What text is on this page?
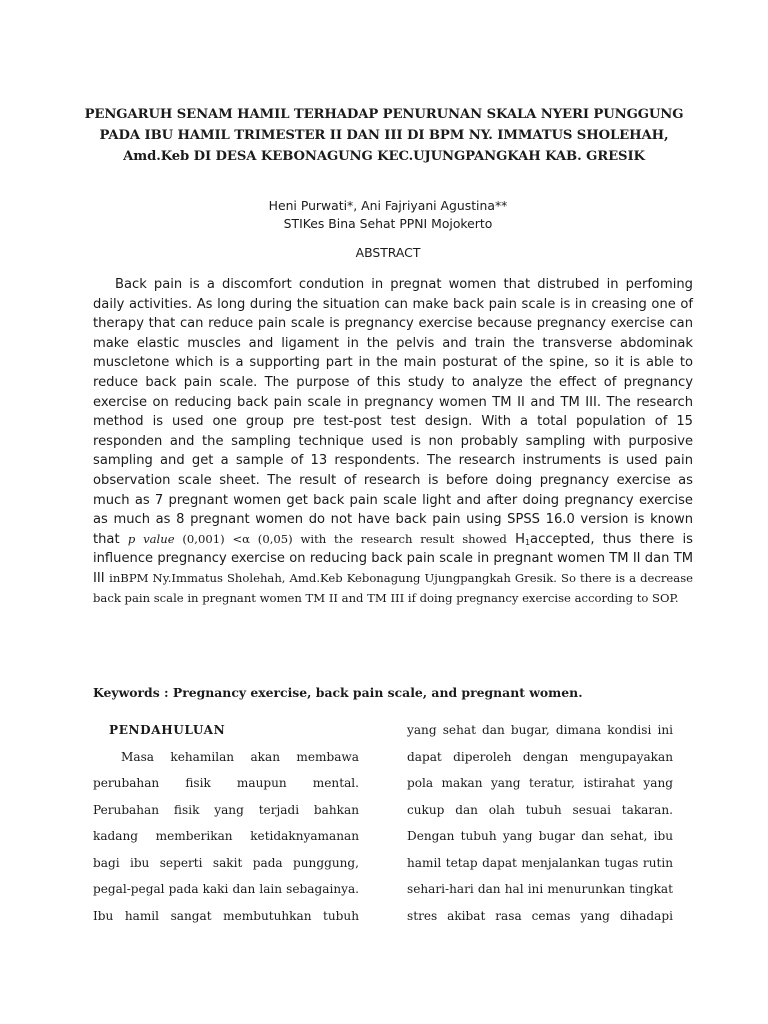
PENGARUH SENAM HAMIL TERHADAP PENURUNAN SKALA NYERI PUNGGUNG
PADA IBU HAMIL TRIMESTER II DAN III DI BPM NY. IMMATUS SHOLEHAH,
Amd.Keb DI DESA KEBONAGUNG KEC.UJUNGPANGKAH KAB. GRESIK

Heni Purwati*, Ani Fajriyani Agustina**

STIKes Bina Sehat PPNI Mojokerto

ABSTRACT

Back pain is a discomfort condution in pregnat women that distrubed in perfoming daily activities. As long during the situation can make back pain scale is in creasing one of therapy that can reduce pain scale is pregnancy exercise because pregnancy exercise can make elastic muscles and ligament in the pelvis and train the transverse abdominak muscletone which is a supporting part in the main posturat of the spine, so it is able to reduce back pain scale. The purpose of this study to analyze the effect of pregnancy exercise on reducing back pain scale in pregnancy women TM II and TM III. The research method is used one group pre test-post test design. With a total population of 15 responden and the sampling technique used is non probably sampling with purposive sampling and get a sample of 13 respondents. The research instruments is used pain observation scale sheet. The result of research is before doing pregnancy exercise as much as 7 pregnant women get back pain scale light and after doing pregnancy exercise as much as 8 pregnant women do not have back pain using SPSS 16.0 version is known that p value (0,001) <α (0,05) with the research result showed $H_1accepted$, thus there is influence pregnancy exercise on reducing back pain scale in pregnant women TM II dan TM III inBPM Ny.Immatus Sholehah, Amd.Keb Kebonagung Ujungpangkah Gresik. So there is a decrease back pain scale in pregnant women TM II and TM III if doing pregnancy exercise according to SOP.

Keywords : Pregnancy exercise, back pain scale, and pregnant women.

PENDAHULUAN
Masa kehamilan akan membawa
perubahan fisik maupun mental.
Perubahan fisik yang terjadi bahkan
kadang memberikan ketidaknyamanan
bagi ibu seperti sakit pada punggung,
pegal-pegal pada kaki dan lain sebagainya.
Ibu hamil sangat membutuhkan tubuh
yang sehat dan bugar, dimana kondisi ini
dapat diperoleh dengan mengupayakan
pola makan yang teratur, istirahat yang
cukup dan olah tubuh sesuai takaran.
Dengan tubuh yang bugar dan sehat, ibu
hamil tetap dapat menjalankan tugas rutin
sehari-hari dan hal ini menurunkan tingkat
stres akibat rasa cemas yang dihadapi
